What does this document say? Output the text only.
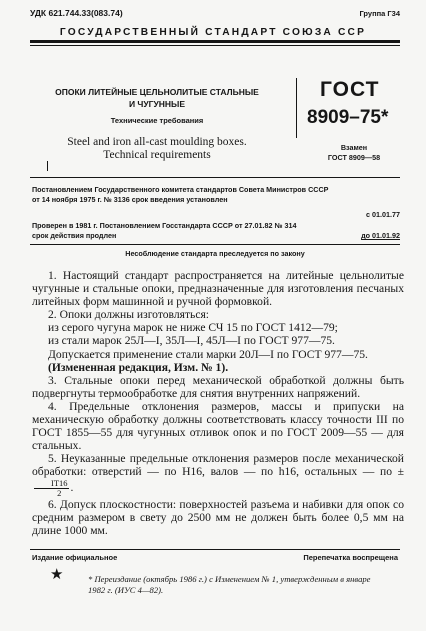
УДК 621.744.33(083.74)	Группа Г34
ГОСУДАРСТВЕННЫЙ СТАНДАРТ СОЮЗА ССР
ОПОКИ ЛИТЕЙНЫЕ ЦЕЛЬНОЛИТЫЕ СТАЛЬНЫЕ
И ЧУГУННЫЕ
Технические требования
Steel and iron all-cast moulding boxes.
Technical requirements
ГОСТ
8909–75*
Взамен
ГОСТ 8909—58
Постановлением Государственного комитета стандартов Совета Министров СССР
от 14 ноября 1975 г. № 3136 срок введения установлен
с 01.01.77
Проверен в 1981 г. Постановлением Госстандарта СССР от 27.01.82 № 314
срок действия продлен	до 01.01.92
Несоблюдение стандарта преследуется по закону

1. Настоящий стандарт распространяется на литейные цельнолитые чугунные и стальные опоки, предназначенные для изготовления песчаных литейных форм машинной и ручной формовкой.

2. Опоки должны изготовляться:

из серого чугуна марок не ниже СЧ 15 по ГОСТ 1412—79;

из стали марок 25Л—I, 35Л—I, 45Л—I по ГОСТ 977—75.

Допускается применение стали марки 20Л—I по ГОСТ 977—75.

(Измененная редакция, Изм. № 1).

3. Стальные опоки перед механической обработкой должны быть подвергнуты термообработке для снятия внутренних напряжений.

4. Предельные отклонения размеров, массы и припуски на механическую обработку должны соответствовать классу точности III по ГОСТ 1855—55 для чугунных отливок опок и по ГОСТ 2009—55 — для стальных.

5. Неуказанные предельные отклонения размеров после механической обработки: отверстий — по Н16, валов — по h16, остальных — по ±
$\frac{IT16}{2}$ .

6. Допуск плоскостности: поверхностей разъема и набивки для опок со средним размером в свету до 2500 мм не должен быть более 0,5 мм на длине 1000 мм.

Издание официальное	Перепечатка воспрещена
★	* Переиздание (октябрь 1986 г.) с Изменением № 1, утвержденным в январе 1982 г. (ИУС 4—82).
